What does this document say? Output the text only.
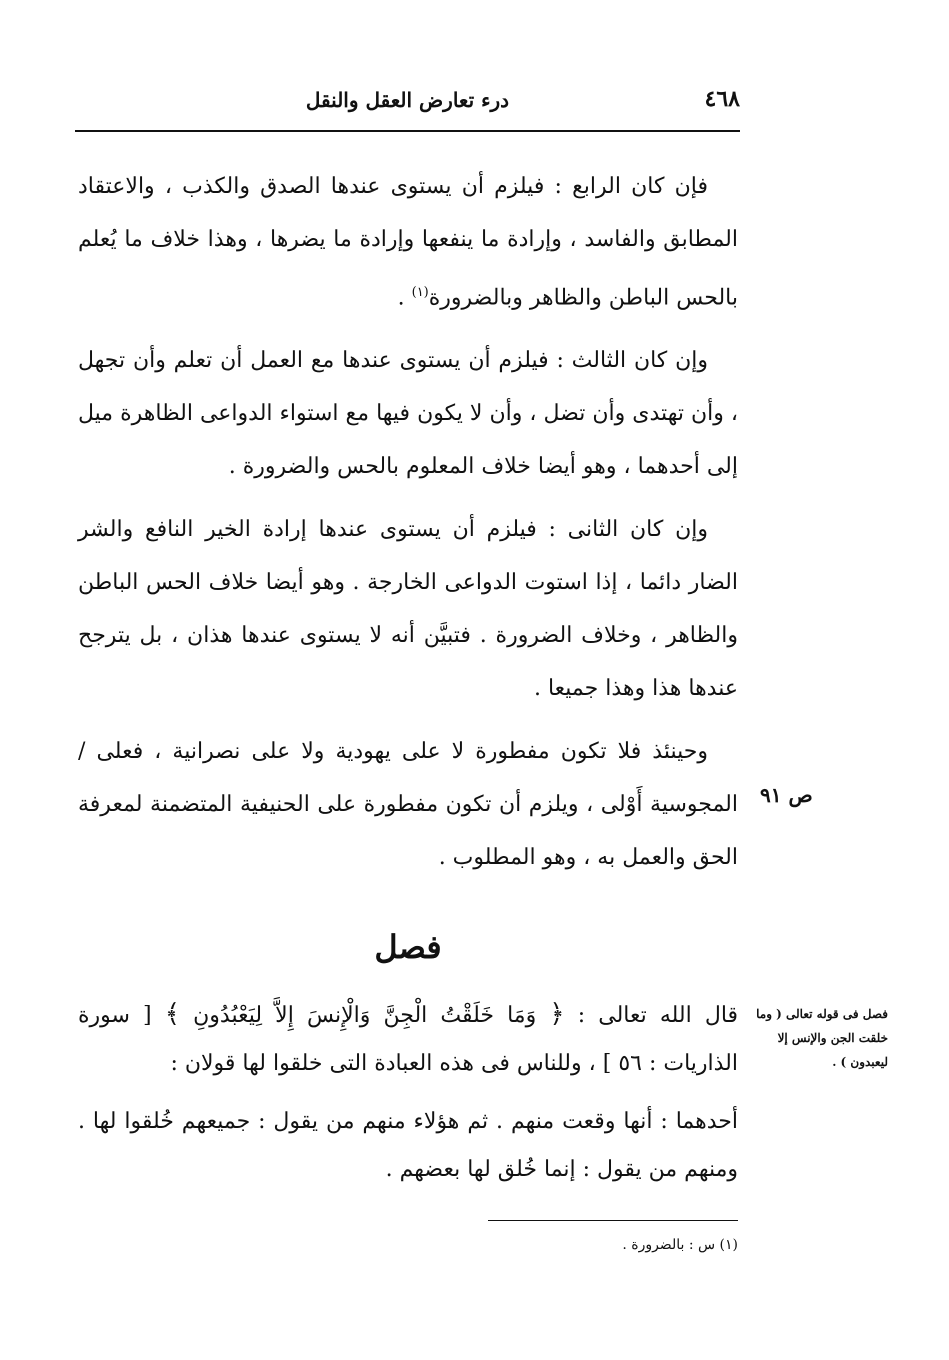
٤٦٨
درء تعارض العقل والنقل

فإن كان الرابع : فيلزم أن يستوى عندها الصدق والكذب ، والاعتقاد المطابق والفاسد ، وإرادة ما ينفعها وإرادة ما يضرها ، وهذا خلاف ما يُعلم بالحس الباطن والظاهر وبالضرورة$^{(١)}$ .

وإن كان الثالث : فيلزم أن يستوى عندها مع العمل أن تعلم وأن تجهل ، وأن تهتدى وأن تضل ، وأن لا يكون فيها مع استواء الدواعى الظاهرة ميل إلى أحدهما ، وهو أيضا خلاف المعلوم بالحس والضرورة .

وإن كان الثانى : فيلزم أن يستوى عندها إرادة الخير النافع والشر الضار دائما ، إذا استوت الدواعى الخارجة . وهو أيضا خلاف الحس الباطن والظاهر ، وخلاف الضرورة . فتبيَّن أنه لا يستوى عندها هذان ، بل يترجح عندها هذا وهذا جميعا .

وحينئذ فلا تكون مفطورة لا على يهودية ولا على نصرانية ، فعلى / المجوسية أَوْلى ، ويلزم أن تكون مفطورة على الحنيفية المتضمنة لمعرفة الحق والعمل به ، وهو المطلوب .

ص ٩١
فصل

قال الله تعالى : ﴿ وَمَا خَلَقْتُ الْجِنَّ وَالْإِنسَ إِلاَّ لِيَعْبُدُونِ ﴾ [ سورة الذاريات : ٥٦ ] ، وللناس فى هذه العبادة التى خلقوا لها قولان :

أحدهما : أنها وقعت منهم . ثم هؤلاء منهم من يقول : جميعهم خُلقوا لها . ومنهم من يقول : إنما خُلق لها بعضهم .

فصل فى قوله تعالى ( وما خلقت الجن والإنس إلا ليعبدون ) .
(١) س : بالضرورة .
